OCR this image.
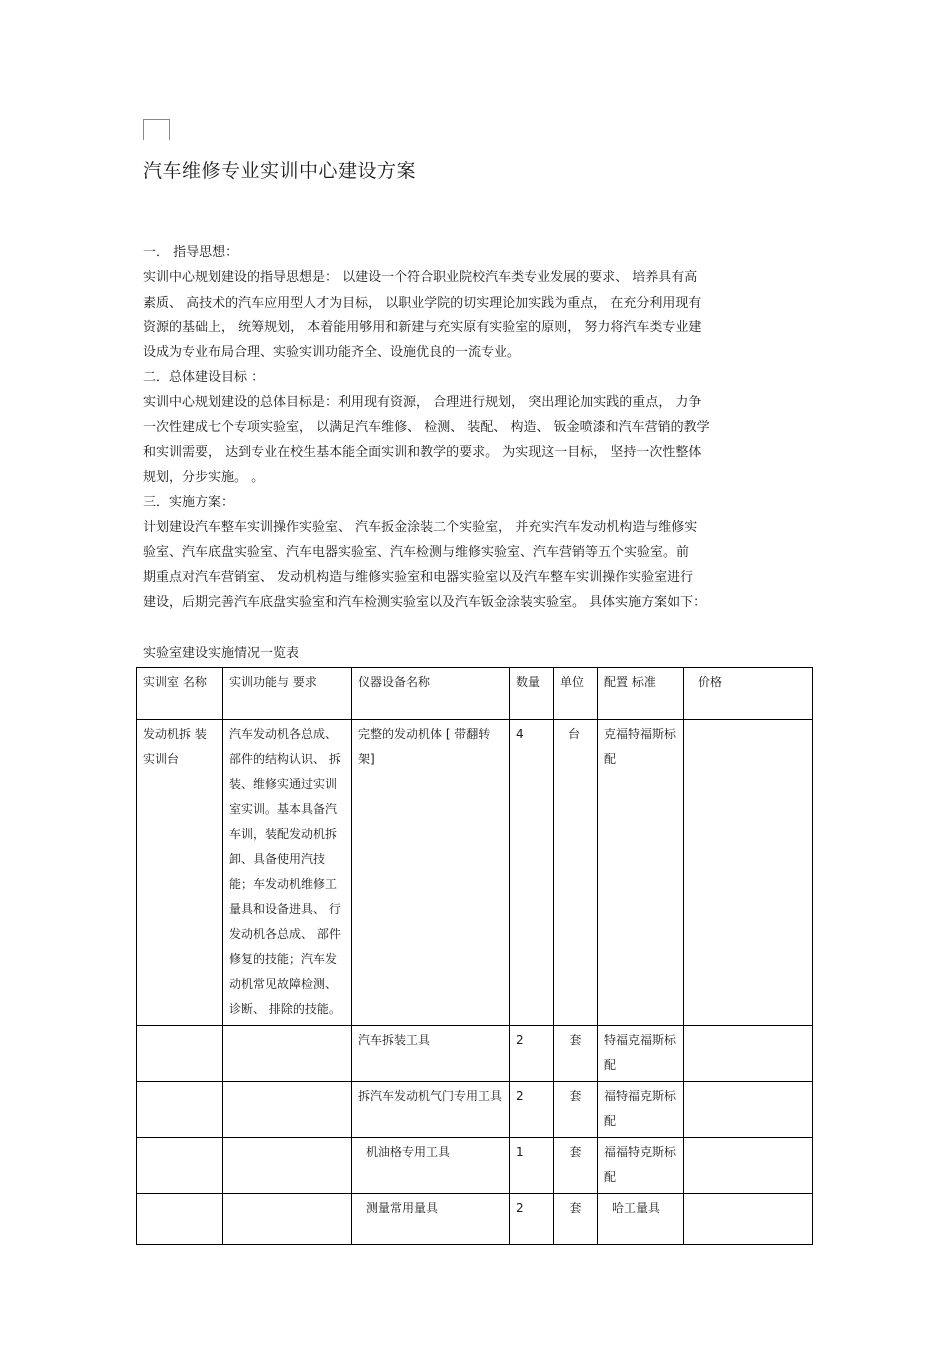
汽车维修专业实训中心建设方案
一． 指导思想：
实训中心规划建设的指导思想是： 以建设一个符合职业院校汽车类专业发展的要求、 培养具有高
素质、 高技术的汽车应用型人才为目标， 以职业学院的切实理论加实践为重点， 在充分利用现有
资源的基础上， 统筹规划， 本着能用够用和新建与充实原有实验室的原则， 努力将汽车类专业建
设成为专业布局合理、实验实训功能齐全、设施优良的一流专业。
二．总体建设目标 ：
实训中心规划建设的总体目标是：利用现有资源， 合理进行规划， 突出理论加实践的重点， 力争
一次性建成七个专项实验室， 以满足汽车维修、 检测、 装配、 构造、 钣金喷漆和汽车营销的教学
和实训需要， 达到专业在校生基本能全面实训和教学的要求。 为实现这一目标， 坚持一次性整体
规划，分步实施。 。
三．实施方案：
计划建设汽车整车实训操作实验室、 汽车扳金涂装二个实验室， 并充实汽车发动机构造与维修实
验室、汽车底盘实验室、汽车电器实验室、汽车检测与维修实验室、汽车营销等五个实验室。前
期重点对汽车营销室、 发动机构造与维修实验室和电器实验室以及汽车整车实训操作实验室进行
建设，后期完善汽车底盘实验室和汽车检测实验室以及汽车钣金涂装实验室。 具体实施方案如下：
实验室建设实施情况一览表
实训室 名称	实训功能与 要求	仪器设备名称	数量	单位	配置 标准	价格
发动机拆 装实训台	汽车发动机各总成、部件的结构认识、 拆装、维修实通过实训室实训。基本具备汽车训，装配发动机拆卸、具备使用汽技能；车发动机维修工量具和设备进具、 行发动机各总成、 部件修复的技能；汽车发动机常见故障检测、诊断、 排除的技能。	完整的发动机体 [ 带翻转架]	4	台	克福特福斯标配	
		汽车拆装工具	2	套	特福克福斯标配	
		拆汽车发动机气门专用工具	2	套	福特福克斯标配	
		机油格专用工具	1	套	福福特克斯标配	
		测量常用量具	2	套	哈工量具	
